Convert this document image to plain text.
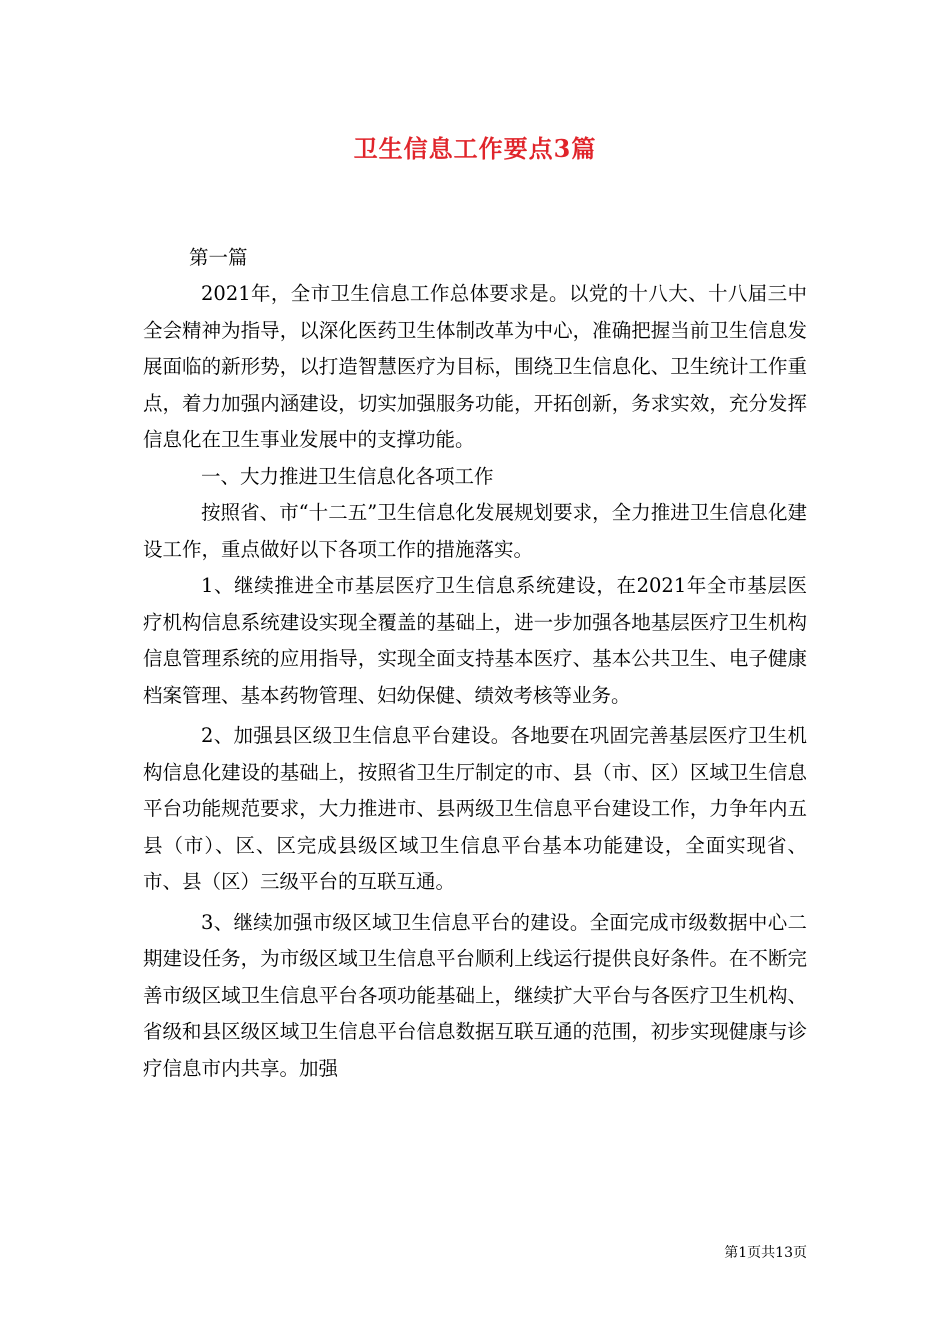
卫生信息工作要点3篇

第一篇

2021年，全市卫生信息工作总体要求是。以党的十八大、十八届三中全会精神为指导，以深化医药卫生体制改革为中心，准确把握当前卫生信息发展面临的新形势，以打造智慧医疗为目标，围绕卫生信息化、卫生统计工作重点，着力加强内涵建设，切实加强服务功能，开拓创新，务求实效，充分发挥信息化在卫生事业发展中的支撑功能。

一、大力推进卫生信息化各项工作

按照省、市“十二五”卫生信息化发展规划要求，全力推进卫生信息化建设工作，重点做好以下各项工作的措施落实。

1、继续推进全市基层医疗卫生信息系统建设，在2021年全市基层医疗机构信息系统建设实现全覆盖的基础上，进一步加强各地基层医疗卫生机构信息管理系统的应用指导，实现全面支持基本医疗、基本公共卫生、电子健康档案管理、基本药物管理、妇幼保健、绩效考核等业务。

2、加强县区级卫生信息平台建设。各地要在巩固完善基层医疗卫生机构信息化建设的基础上，按照省卫生厅制定的市、县（市、区）区域卫生信息平台功能规范要求，大力推进市、县两级卫生信息平台建设工作，力争年内五县（市）、区、区完成县级区域卫生信息平台基本功能建设，全面实现省、市、县（区）三级平台的互联互通。

3、继续加强市级区域卫生信息平台的建设。全面完成市级数据中心二期建设任务，为市级区域卫生信息平台顺利上线运行提供良好条件。在不断完善市级区域卫生信息平台各项功能基础上，继续扩大平台与各医疗卫生机构、省级和县区级区域卫生信息平台信息数据互联互通的范围，初步实现健康与诊疗信息市内共享。加强

第1页共13页
